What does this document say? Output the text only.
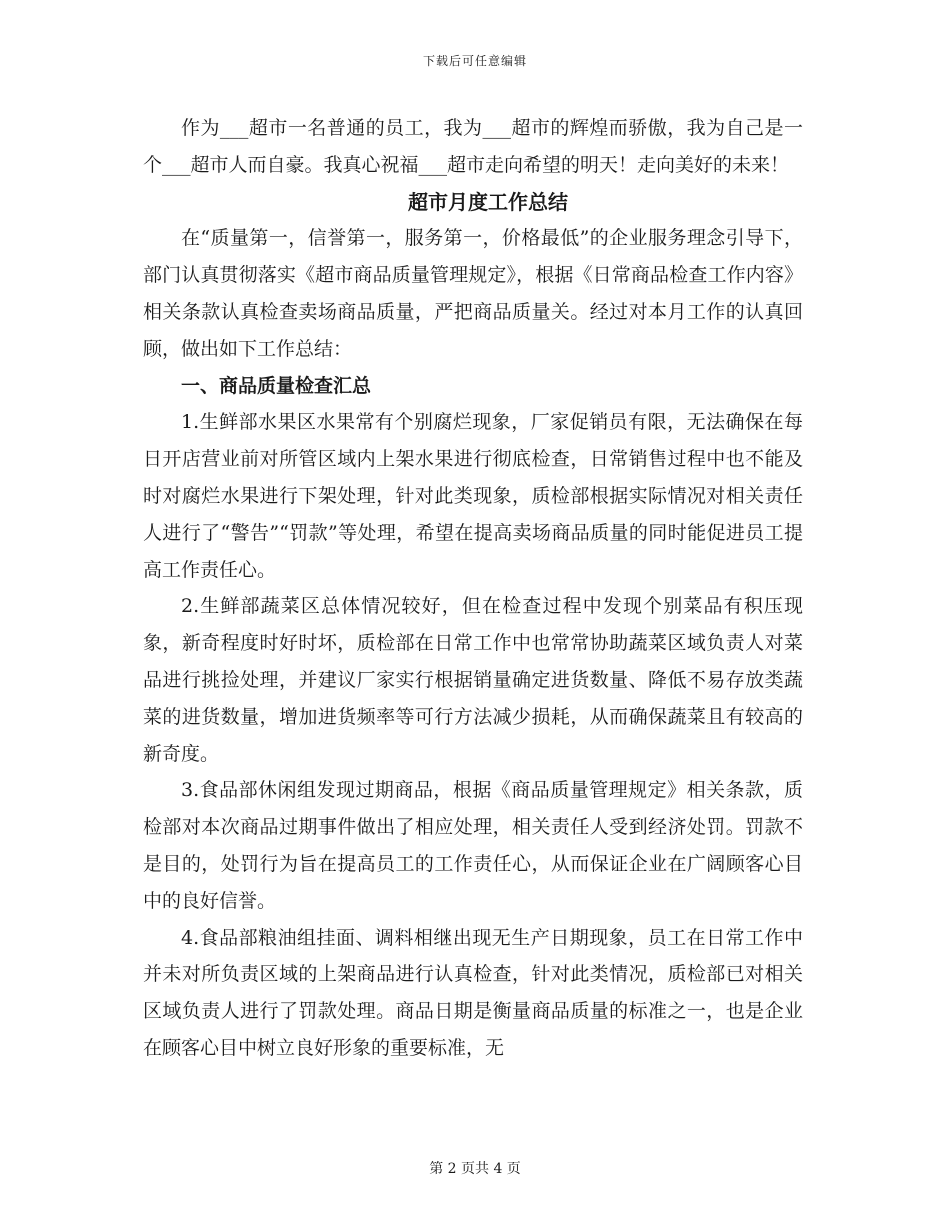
下载后可任意编辑

作为___超市一名普通的员工，我为___超市的辉煌而骄傲，我为自己是一个___超市人而自豪。我真心祝福___超市走向希望的明天！走向美好的未来！

超市月度工作总结

在“质量第一，信誉第一，服务第一，价格最低”的企业服务理念引导下，部门认真贯彻落实《超市商品质量管理规定》，根据《日常商品检查工作内容》相关条款认真检查卖场商品质量，严把商品质量关。经过对本月工作的认真回顾，做出如下工作总结：

一、商品质量检查汇总

1.生鲜部水果区水果常有个别腐烂现象，厂家促销员有限，无法确保在每日开店营业前对所管区域内上架水果进行彻底检查，日常销售过程中也不能及时对腐烂水果进行下架处理，针对此类现象，质检部根据实际情况对相关责任人进行了“警告”“罚款”等处理，希望在提高卖场商品质量的同时能促进员工提高工作责任心。

2.生鲜部蔬菜区总体情况较好，但在检查过程中发现个别菜品有积压现象，新奇程度时好时坏，质检部在日常工作中也常常协助蔬菜区域负责人对菜品进行挑捡处理，并建议厂家实行根据销量确定进货数量、降低不易存放类蔬菜的进货数量，增加进货频率等可行方法减少损耗，从而确保蔬菜且有较高的新奇度。

3.食品部休闲组发现过期商品，根据《商品质量管理规定》相关条款，质检部对本次商品过期事件做出了相应处理，相关责任人受到经济处罚。罚款不是目的，处罚行为旨在提高员工的工作责任心，从而保证企业在广阔顾客心目中的良好信誉。

4.食品部粮油组挂面、调料相继出现无生产日期现象，员工在日常工作中并未对所负责区域的上架商品进行认真检查，针对此类情况，质检部已对相关区域负责人进行了罚款处理。商品日期是衡量商品质量的标准之一，也是企业在顾客心目中树立良好形象的重要标准，无

第 2 页共 4 页
